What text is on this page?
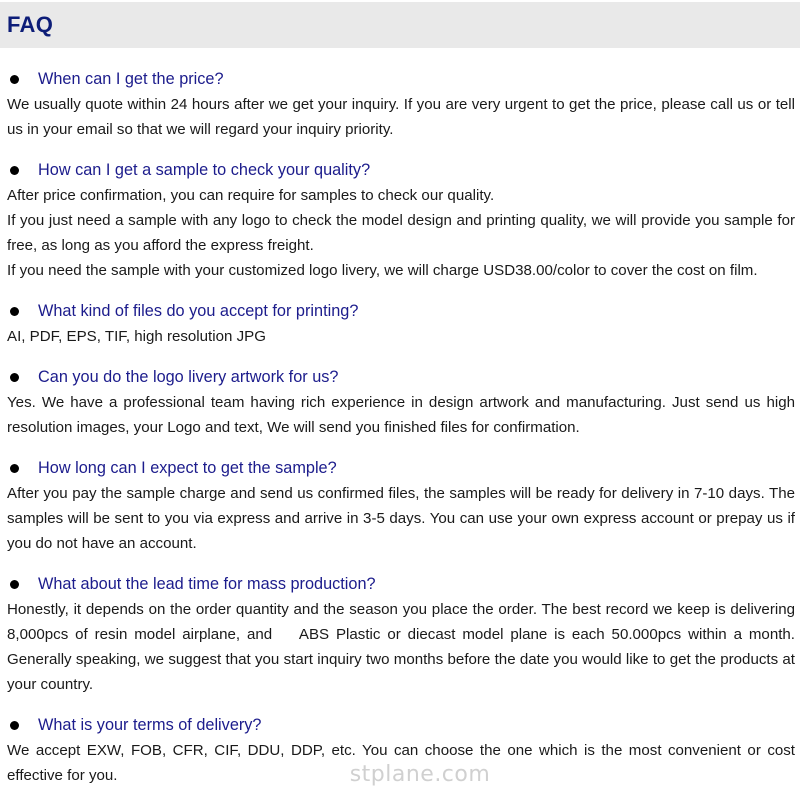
FAQ
When can I get the price?

We usually quote within 24 hours after we get your inquiry. If you are very urgent to get the price, please call us or tell us in your email so that we will regard your inquiry priority.

How can I get a sample to check your quality?

After price confirmation, you can require for samples to check our quality.

If you just need a sample with any logo to check the model design and printing quality, we will provide you sample for free, as long as you afford the express freight.

If you need the sample with your customized logo livery, we will charge USD38.00/color to cover the cost on film.

What kind of files do you accept for printing?

AI, PDF, EPS, TIF, high resolution JPG

Can you do the logo livery artwork for us?

Yes. We have a professional team having rich experience in design artwork and manufacturing. Just send us high resolution images, your Logo and text, We will send you finished files for confirmation.

How long can I expect to get the sample?

After you pay the sample charge and send us confirmed files, the samples will be ready for delivery in 7-10 days. The samples will be sent to you via express and arrive in 3-5 days. You can use your own express account or prepay us if you do not have an account.

What about the lead time for mass production?

Honestly, it depends on the order quantity and the season you place the order. The best record we keep is delivering 8,000pcs of resin model airplane, and    ABS Plastic or diecast model plane is each 50.000pcs within a month. Generally speaking, we suggest that you start inquiry two months before the date you would like to get the products at your country.

What is your terms of delivery?

We accept EXW, FOB, CFR, CIF, DDU, DDP, etc. You can choose the one which is the most convenient or cost effective for you.	stplane.com
